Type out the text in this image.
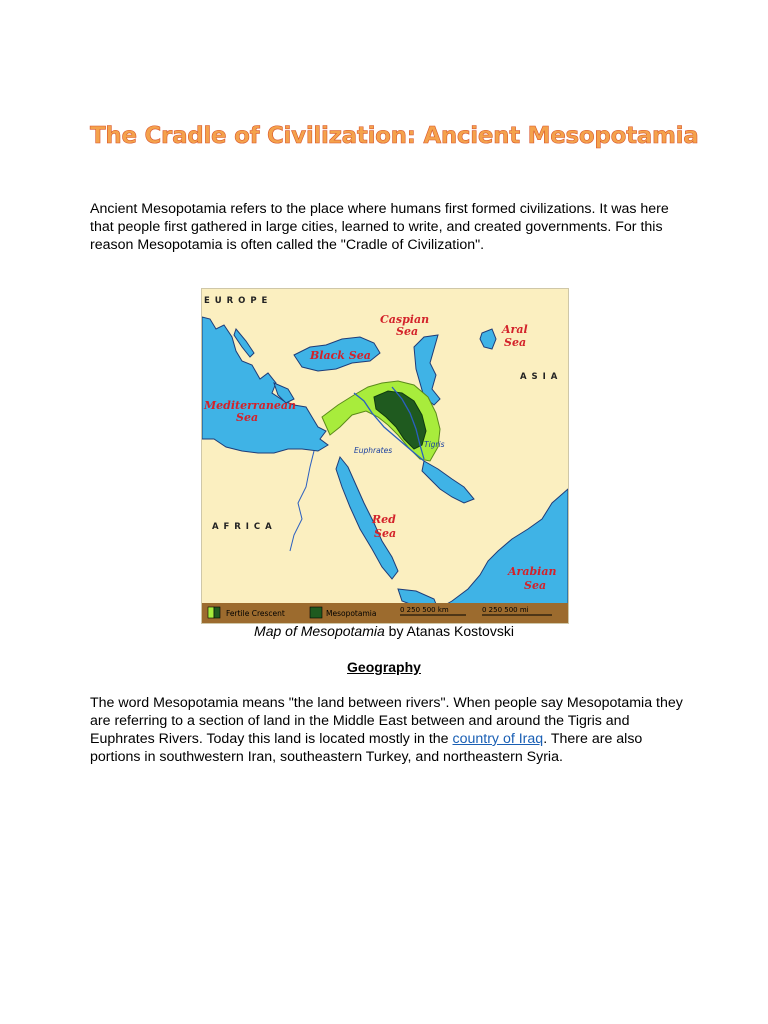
The Cradle of Civilization: Ancient Mesopotamia

Ancient Mesopotamia refers to the place where humans first formed civilizations. It was here that people first gathered in large cities, learned to write, and created governments. For this reason Mesopotamia is often called the "Cradle of Civilization".

E U R O P E
A S I A
A F R I C A
Caspian
Sea	Aral
Sea
Black Sea
Mediterranean
Sea
Red
Sea
Arabian
Sea
Tigris
Euphrates
Fertile Crescent	Mesopotamia	0 250 500 km	0 250 500 mi
Map of Mesopotamia by Atanas Kostovski
Geography

The word Mesopotamia means "the land between rivers". When people say Mesopotamia they are referring to a section of land in the Middle East between and around the Tigris and Euphrates Rivers. Today this land is located mostly in the country of Iraq. There are also portions in southwestern Iran, southeastern Turkey, and northeastern Syria.
